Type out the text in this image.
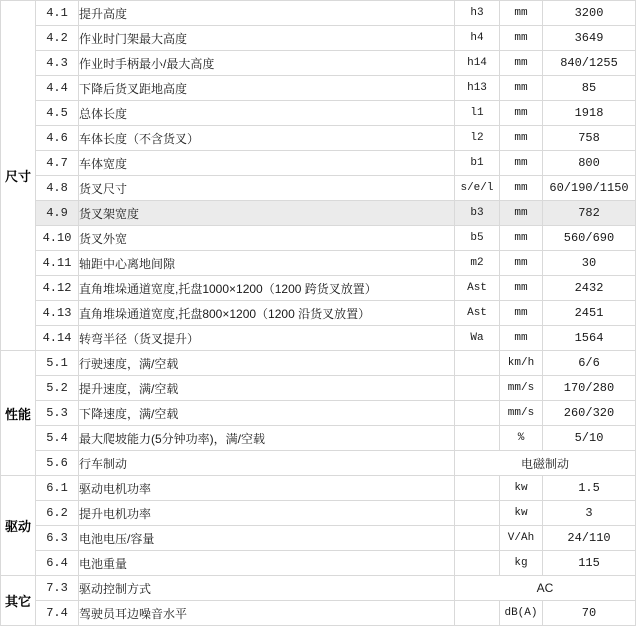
尺寸	4.1	提升高度	h3	mm	3200
	4.2	作业时门架最大高度	h4	mm	3649
	4.3	作业时手柄最小/最大高度	h14	mm	840/1255
	4.4	下降后货叉距地高度	h13	mm	85
	4.5	总体长度	l1	mm	1918
	4.6	车体长度（不含货叉）	l2	mm	758
	4.7	车体宽度	b1	mm	800
	4.8	货叉尺寸	s/e/l	mm	60/190/1150
	4.9	货叉架宽度	b3	mm	782
	4.10	货叉外宽	b5	mm	560/690
	4.11	轴距中心离地间隙	m2	mm	30
	4.12	直角堆垛通道宽度,托盘1000×1200（1200 跨货叉放置）	Ast	mm	2432
	4.13	直角堆垛通道宽度,托盘800×1200（1200 沿货叉放置）	Ast	mm	2451
	4.14	转弯半径（货叉提升）	Wa	mm	1564
性能	5.1	行驶速度，满/空载		km/h	6/6
	5.2	提升速度，满/空载		mm/s	170/280
	5.3	下降速度，满/空载		mm/s	260/320
	5.4	最大爬坡能力(5分钟功率)，满/空载		%	5/10
	5.6	行车制动	电磁制动		
驱动	6.1	驱动电机功率		kw	1.5
	6.2	提升电机功率		kw	3
	6.3	电池电压/容量		V/Ah	24/110
	6.4	电池重量		kg	115
其它	7.3	驱动控制方式	AC		
	7.4	驾驶员耳边噪音水平		dB(A)	70
